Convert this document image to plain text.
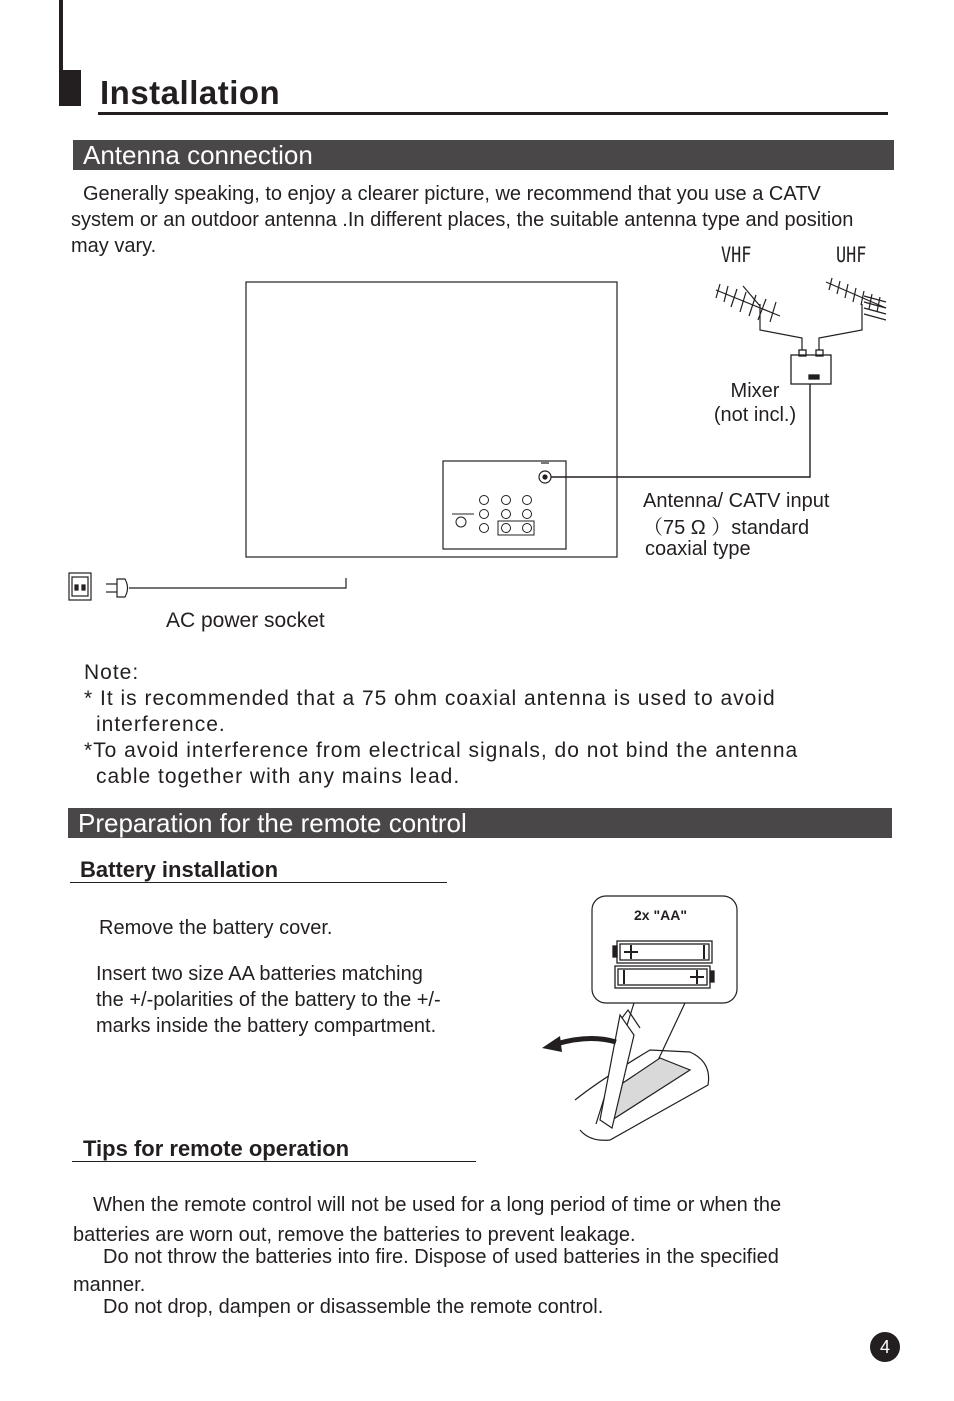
Installation
Antenna connection
Generally speaking, to enjoy a clearer picture, we recommend that you use a CATV
system or an outdoor antenna .In different places, the suitable antenna type and position
may vary.	VHF	UHF
Mixer
(not incl.)
Antenna/ CATV input
（75 Ω ）standard
coaxial type
AC power socket
Note:
* It is recommended that a 75 ohm coaxial antenna is used to avoid
interference.
*To avoid interference from electrical signals, do not bind the antenna
cable together with any mains lead.
Preparation for the remote control
Battery installation
Remove the battery cover.
Insert two size AA batteries matching
the +/-polarities of the battery to the +/-
marks inside the battery compartment.
2x "AA"
Tips for remote operation
When the remote control will not be used for a long period of time or when the
batteries are worn out, remove the batteries to prevent leakage.
Do not throw the batteries into fire. Dispose of used batteries in the specified
manner.
Do not drop, dampen or disassemble the remote control.
4
